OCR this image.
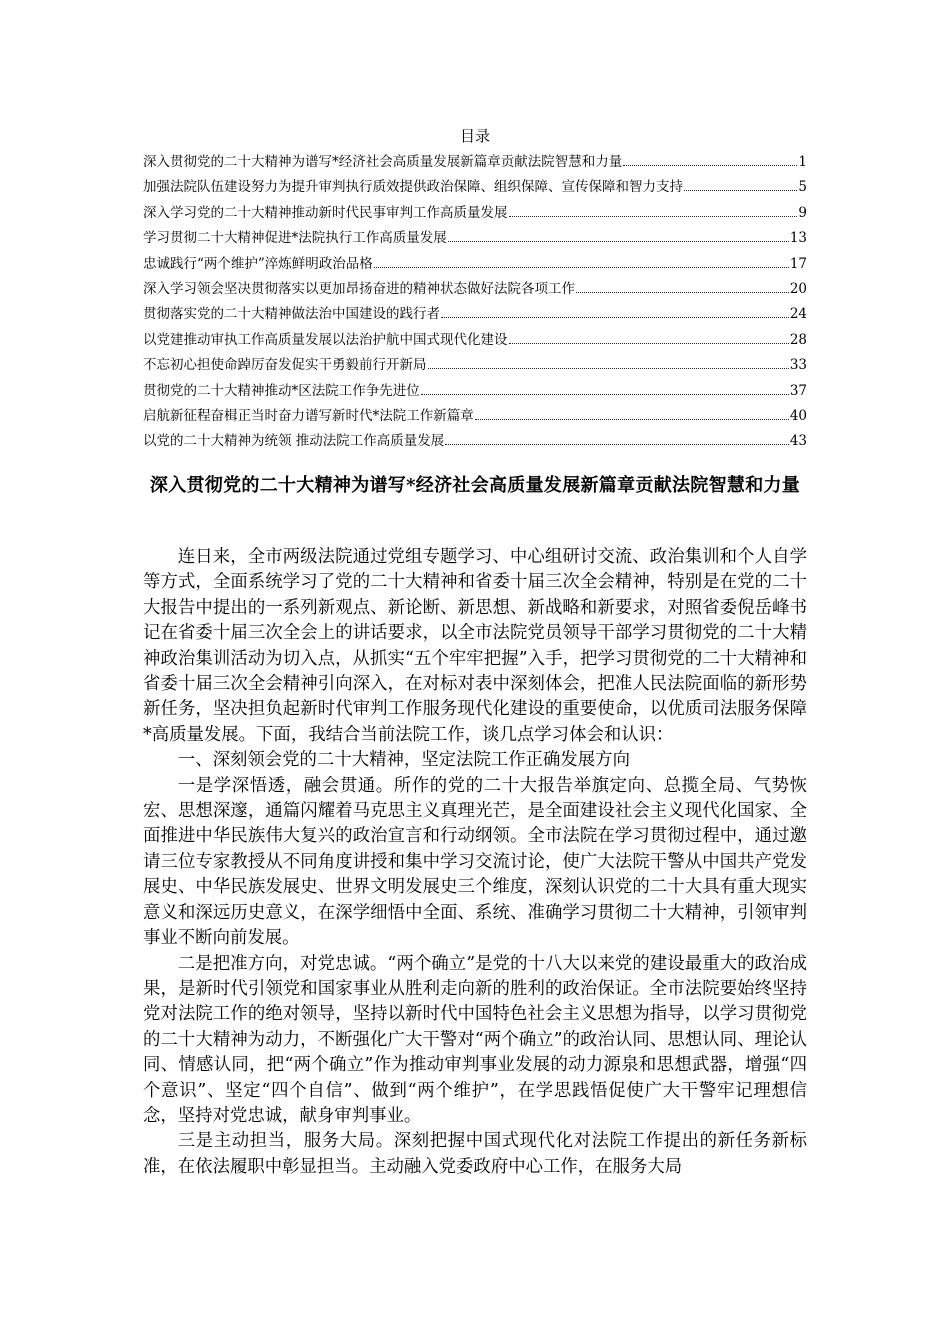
目录
深入贯彻党的二十大精神为谱写*经济社会高质量发展新篇章贡献法院智慧和力量	1
加强法院队伍建设努力为提升审判执行质效提供政治保障、组织保障、宣传保障和智力支持	5
深入学习党的二十大精神推动新时代民事审判工作高质量发展	9
学习贯彻二十大精神促进*法院执行工作高质量发展	13
忠诚践行“两个维护”淬炼鲜明政治品格	17
深入学习领会坚决贯彻落实以更加昂扬奋进的精神状态做好法院各项工作	20
贯彻落实党的二十大精神做法治中国建设的践行者	24
以党建推动审执工作高质量发展以法治护航中国式现代化建设	28
不忘初心担使命踔厉奋发促实干勇毅前行开新局	33
贯彻党的二十大精神推动*区法院工作争先进位	37
启航新征程奋楫正当时奋力谱写新时代*法院工作新篇章	40
以党的二十大精神为统领 推动法院工作高质量发展	43
深入贯彻党的二十大精神为谱写*经济社会高质量发展新篇章贡献法院智慧和力量

连日来，全市两级法院通过党组专题学习、中心组研讨交流、政治集训和个人自学等方式，全面系统学习了党的二十大精神和省委十届三次全会精神，特别是在党的二十大报告中提出的一系列新观点、新论断、新思想、新战略和新要求，对照省委倪岳峰书记在省委十届三次全会上的讲话要求，以全市法院党员领导干部学习贯彻党的二十大精神政治集训活动为切入点，从抓实“五个牢牢把握”入手，把学习贯彻党的二十大精神和省委十届三次全会精神引向深入，在对标对表中深刻体会，把准人民法院面临的新形势新任务，坚决担负起新时代审判工作服务现代化建设的重要使命，以优质司法服务保障*高质量发展。下面，我结合当前法院工作，谈几点学习体会和认识：

一、深刻领会党的二十大精神，坚定法院工作正确发展方向

一是学深悟透，融会贯通。所作的党的二十大报告举旗定向、总揽全局、气势恢宏、思想深邃，通篇闪耀着马克思主义真理光芒，是全面建设社会主义现代化国家、全面推进中华民族伟大复兴的政治宣言和行动纲领。全市法院在学习贯彻过程中，通过邀请三位专家教授从不同角度讲授和集中学习交流讨论，使广大法院干警从中国共产党发展史、中华民族发展史、世界文明发展史三个维度，深刻认识党的二十大具有重大现实意义和深远历史意义，在深学细悟中全面、系统、准确学习贯彻二十大精神，引领审判事业不断向前发展。

二是把准方向，对党忠诚。“两个确立”是党的十八大以来党的建设最重大的政治成果，是新时代引领党和国家事业从胜利走向新的胜利的政治保证。全市法院要始终坚持党对法院工作的绝对领导，坚持以新时代中国特色社会主义思想为指导，以学习贯彻党的二十大精神为动力，不断强化广大干警对“两个确立”的政治认同、思想认同、理论认同、情感认同，把“两个确立”作为推动审判事业发展的动力源泉和思想武器，增强“四个意识”、坚定“四个自信”、做到“两个维护”，在学思践悟促使广大干警牢记理想信念，坚持对党忠诚，献身审判事业。

三是主动担当，服务大局。深刻把握中国式现代化对法院工作提出的新任务新标准，在依法履职中彰显担当。主动融入党委政府中心工作，在服务大局
